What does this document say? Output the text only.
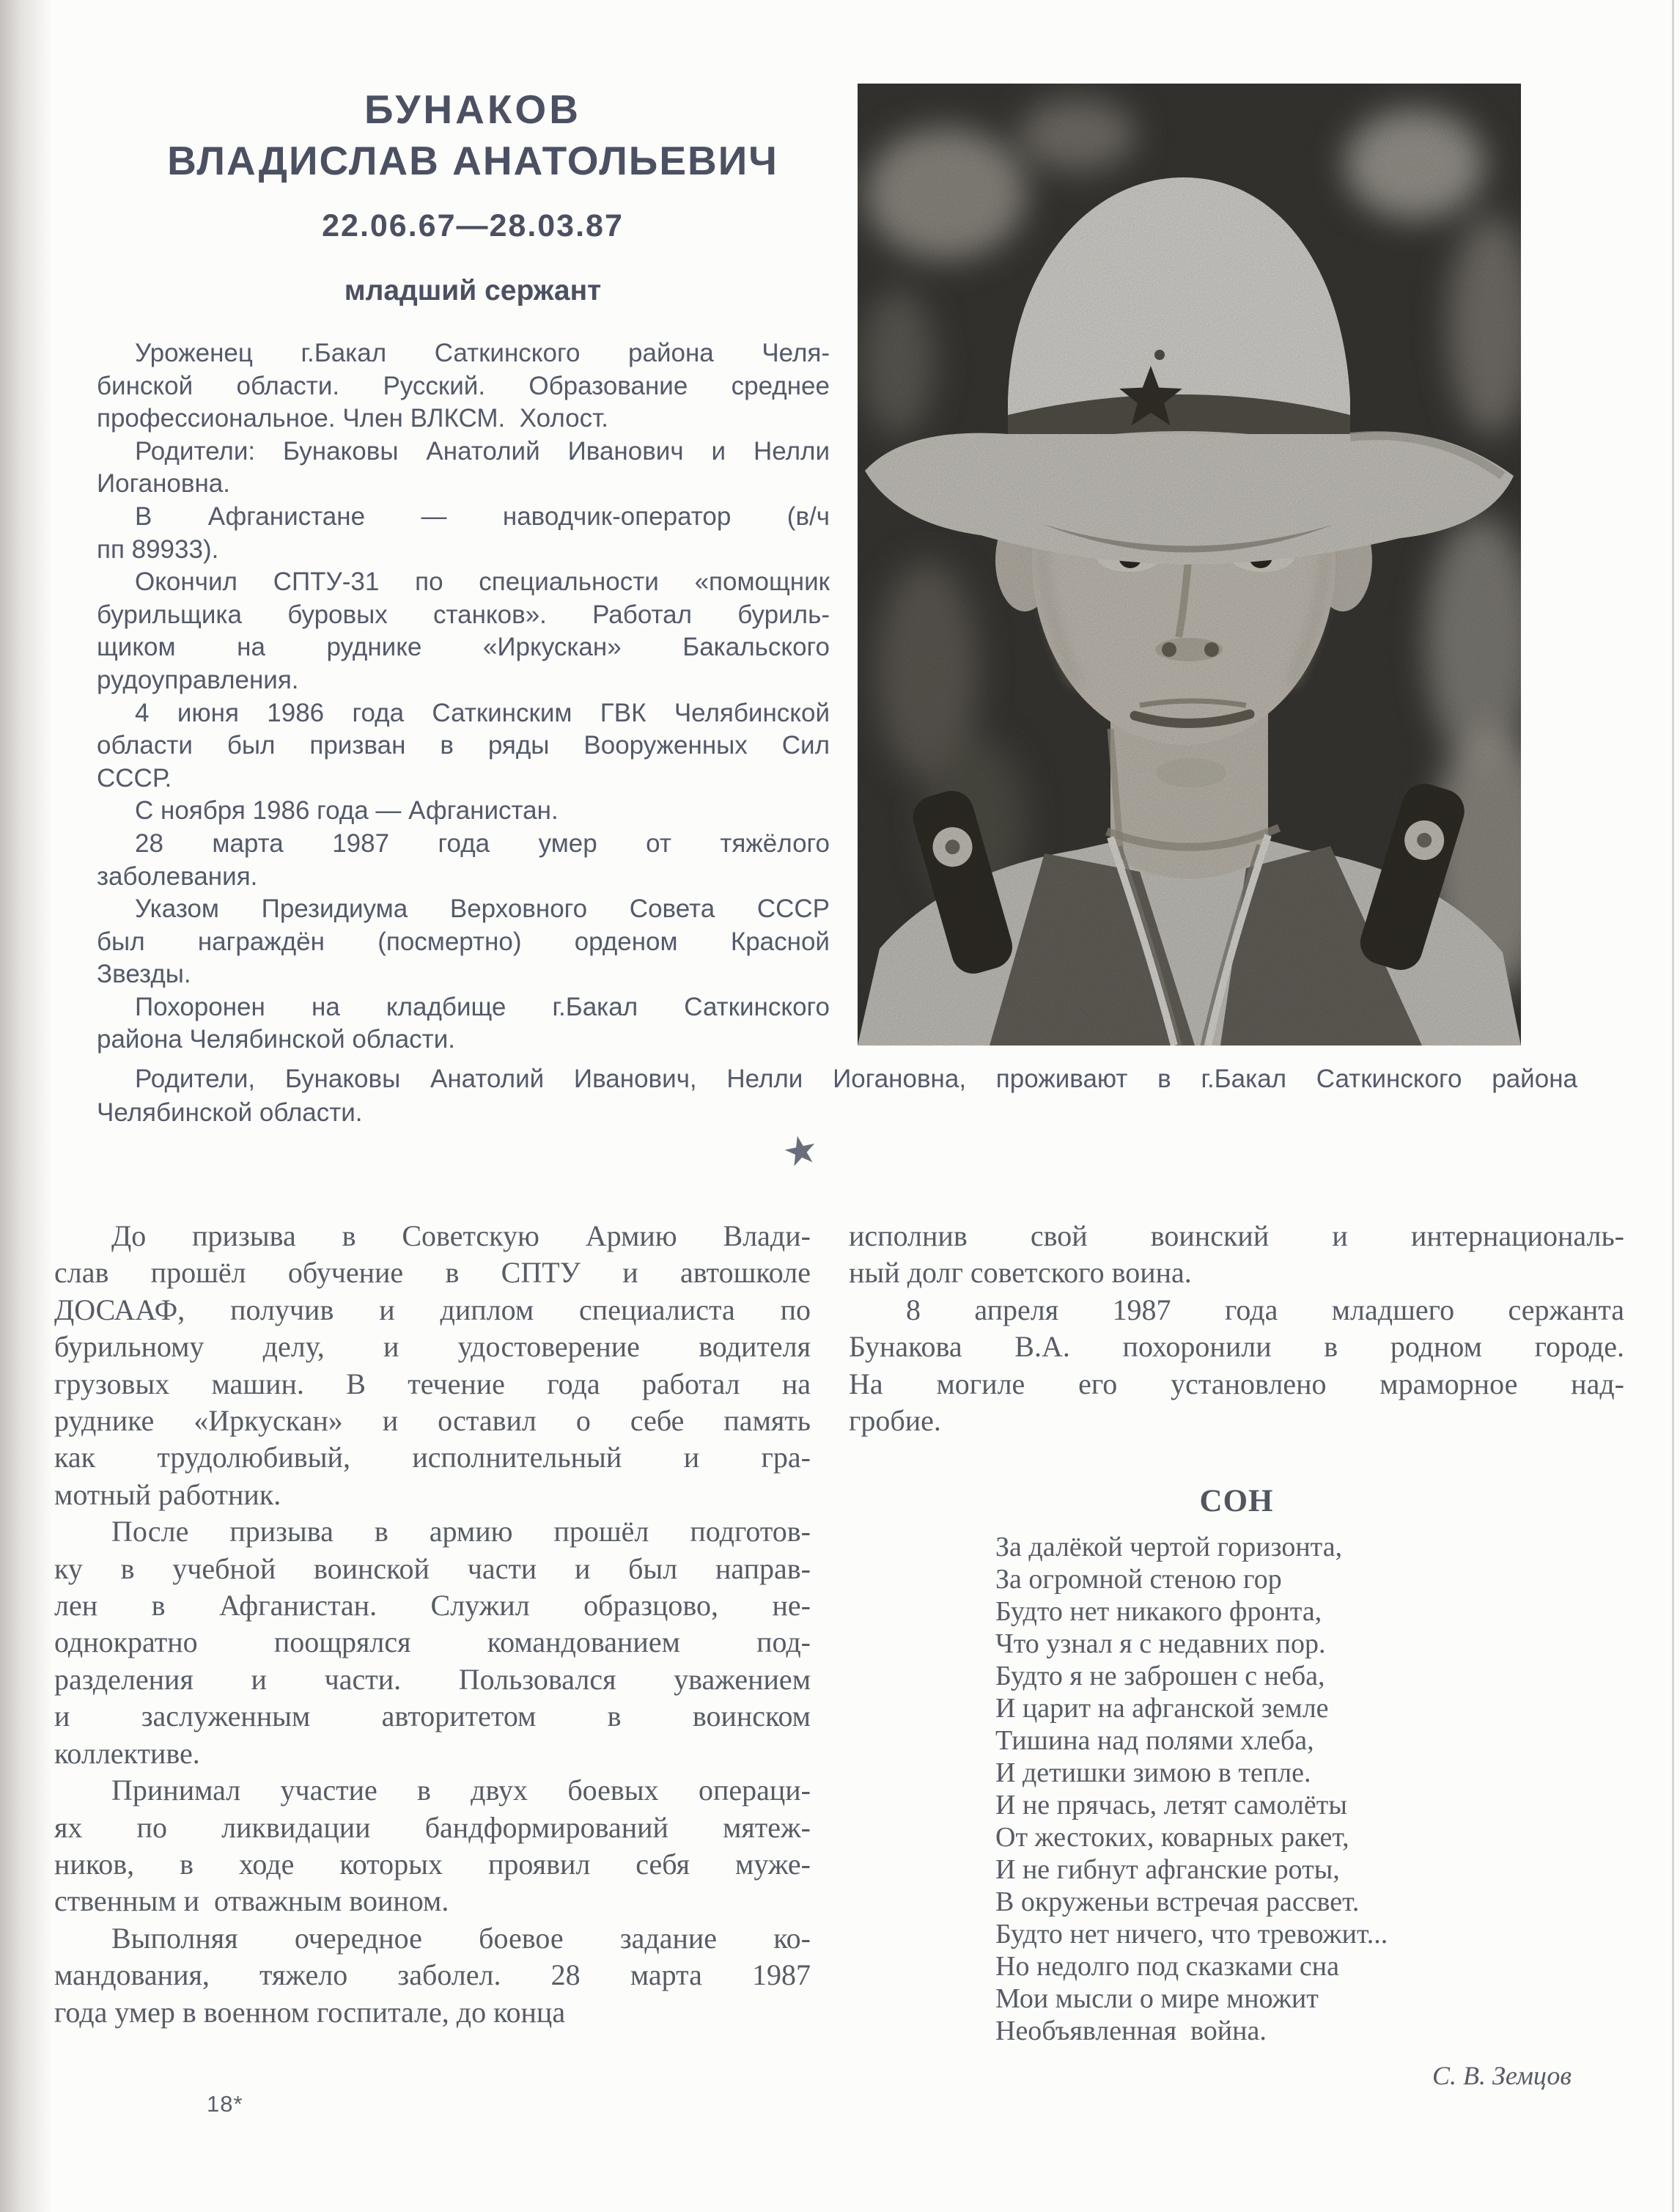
БУНАКОВ
ВЛАДИСЛАВ АНАТОЛЬЕВИЧ
22.06.67—28.03.87
младший сержант
Уроженец г.Бакал Саткинского района Челя-
бинской области. Русский. Образование среднее
профессиональное. Член ВЛКСМ.  Холост.
Родители: Бунаковы Анатолий Иванович и Нелли
Иогановна.
В Афганистане — наводчик-оператор (в/ч
пп 89933).
Окончил СПТУ-31 по специальности «помощник
бурильщика буровых станков». Работал буриль-
щиком на руднике «Иркускан» Бакальского
рудоуправления.
4 июня 1986 года Саткинским ГВК Челябинской
области был призван в ряды Вооруженных Сил
СССР.
С ноября 1986 года — Афганистан.
28 марта 1987 года умер от тяжёлого
заболевания.
Указом Президиума Верховного Совета СССР
был награждён (посмертно) орденом Красной
Звезды.
Похоронен на кладбище г.Бакал Саткинского
района Челябинской области.
Родители, Бунаковы Анатолий Иванович, Нелли Иогановна, проживают в г.Бакал Саткинского района
Челябинской области.
★
До призыва в Советскую Армию Влади-
слав прошёл обучение в СПТУ и автошколе
ДОСААФ, получив и диплом специалиста по
бурильному делу, и удостоверение водителя
грузовых машин. В течение года работал на
руднике «Иркускан» и оставил о себе память
как трудолюбивый, исполнительный и гра-
мотный работник.
После призыва в армию прошёл подготов-
ку в учебной воинской части и был направ-
лен в Афганистан. Служил образцово, не-
однократно поощрялся командованием под-
разделения и части. Пользовался уважением
и заслуженным авторитетом в воинском
коллективе.
Принимал участие в двух боевых операци-
ях по ликвидации бандформирований мятеж-
ников, в ходе которых проявил себя муже-
ственным и  отважным воином.
Выполняя очередное боевое задание ко-
мандования, тяжело заболел. 28 марта 1987
года умер в военном госпитале, до конца
исполнив свой воинский и интернациональ-
ный долг советского воина.
8 апреля 1987 года младшего сержанта
Бунакова В.А. похоронили в родном городе.
На могиле его установлено мраморное над-
гробие.
СОН
За далёкой чертой горизонта,
За огромной стеною гор
Будто нет никакого фронта,
Что узнал я с недавних пор.
Будто я не заброшен с неба,
И царит на афганской земле
Тишина над полями хлеба,
И детишки зимою в тепле.
И не прячась, летят самолёты
От жестоких, коварных ракет,
И не гибнут афганские роты,
В окруженьи встречая рассвет.
Будто нет ничего, что тревожит...
Но недолго под сказками сна
Мои мысли о мире множит
Необъявленная  война.
С. В. Земцов
18*
